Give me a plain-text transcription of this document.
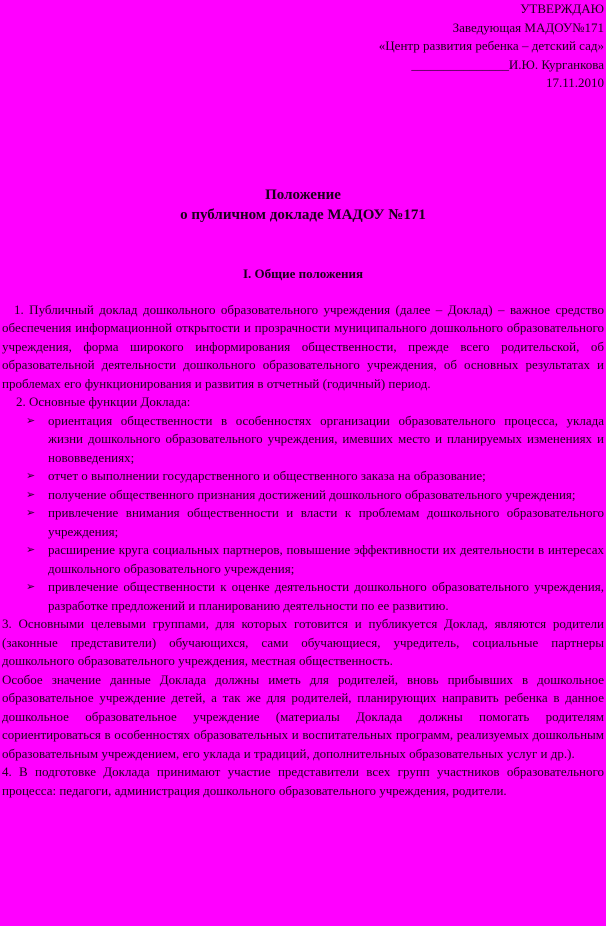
УТВЕРЖДАЮ
Заведующая МАДОУ№171
«Центр развития ребенка – детский сад»
_______________И.Ю. Курганкова
17.11.2010
Положение
о публичном докладе МАДОУ №171
I. Общие положения

1. Публичный доклад дошкольного образовательного учреждения (далее – Доклад) – важное средство обеспечения информационной открытости и прозрачности муниципального дошкольного образовательного учреждения, форма широкого информирования общественности, прежде всего родительской, об образовательной деятельности дошкольного образовательного учреждения, об основных результатах и проблемах его функционирования и развития в отчетный (годичный) период.

2. Основные функции Доклада:

➢ ориентация общественности в особенностях организации образовательного процесса, уклада жизни дошкольного образовательного учреждения, имевших место и планируемых изменениях и нововведениях;
➢ отчет о выполнении государственного и общественного заказа на образование;
➢ получение общественного признания достижений дошкольного образовательного учреждения;
➢ привлечение внимания общественности и власти к проблемам дошкольного образовательного учреждения;
➢ расширение круга социальных партнеров, повышение эффективности их деятельности в интересах дошкольного образовательного учреждения;
➢ привлечение общественности к оценке деятельности дошкольного образовательного учреждения, разработке предложений и планированию деятельности по ее развитию.

3. Основными целевыми группами, для которых готовится и публикуется Доклад, являются родители (законные представители) обучающихся, сами обучающиеся, учредитель, социальные партнеры дошкольного образовательного учреждения, местная общественность.

Особое значение данные Доклада должны иметь для родителей, вновь прибывших в дошкольное образовательное учреждение детей, а так же для родителей, планирующих направить ребенка в данное дошкольное образовательное учреждение (материалы Доклада должны помогать родителям сориентироваться в особенностях образовательных и воспитательных программ, реализуемых дошкольным образовательным учреждением, его уклада и традиций, дополнительных образовательных услуг и др.).

4. В подготовке Доклада принимают участие представители всех групп участников образовательного процесса: педагоги, администрация дошкольного образовательного учреждения, родители.
